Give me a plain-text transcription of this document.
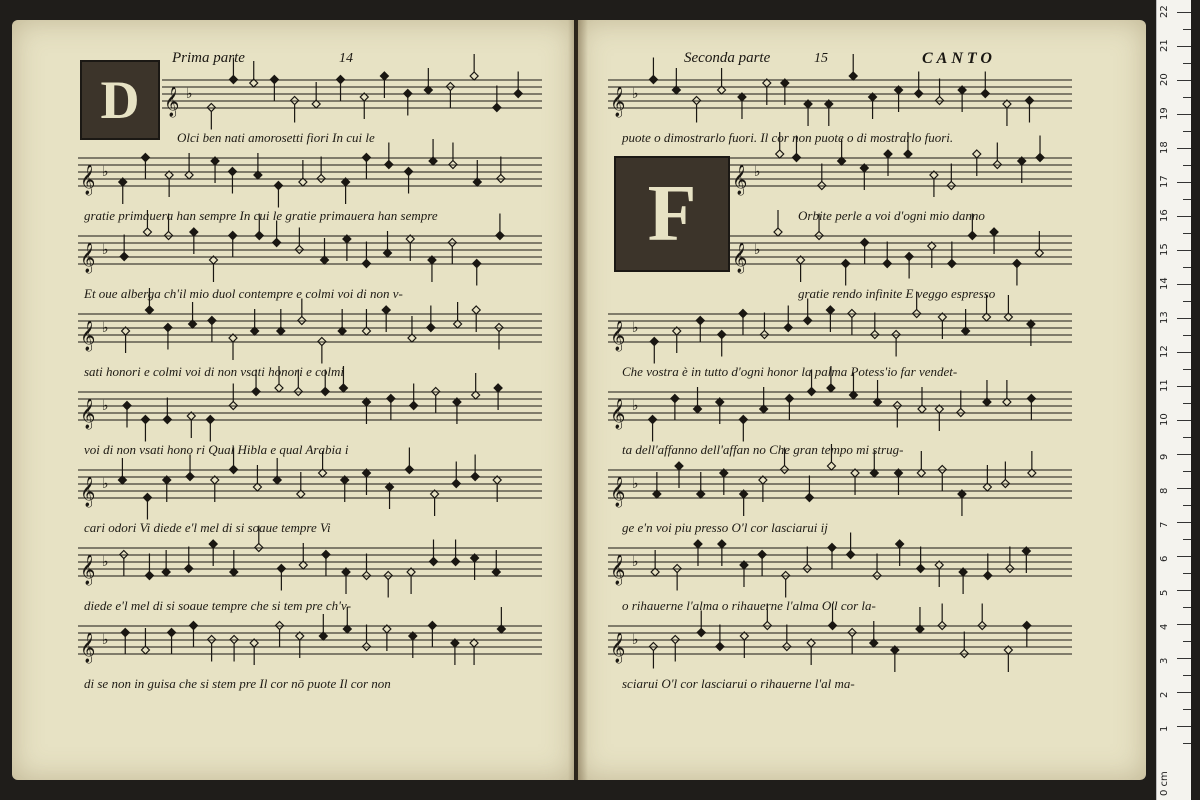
D
Prima parte	14
𝄞 ♭
Olci ben nati amorosetti fiori In cui le
𝄞 ♭
gratie primauera han sempre In cui le gratie primauera han sempre
𝄞 ♭
Et oue alberga ch'il mio duol contempre e colmi voi di non v-
𝄞 ♭
sati honori e colmi voi di non vsati honori e colmi
𝄞 ♭
voi di non vsati hono ri Qual Hibla e qual Arabia i
𝄞 ♭
cari odori Vi diede e'l mel di si soaue tempre Vi
𝄞 ♭
diede e'l mel di si soaue tempre che si tem pre ch'v-
𝄞 ♭
di se non in guisa che si stem pre Il cor nō puote Il cor non
Seconda parte	15	CANTO
F
𝄞 ♭
puote o dimostrarlo fuori. Il cor non puote o di mostrarlo fuori.
𝄞 ♭
Orbite perle a voi d'ogni mio danno
𝄞 ♭
gratie rendo infinite E veggo espresso
𝄞 ♭
Che vostra è in tutto d'ogni honor la palma Potess'io far vendet-
𝄞 ♭
ta dell'affanno dell'affan no Che gran tempo mi strug-
𝄞 ♭
ge e'n voi piu presso O'l cor lasciarui ij
𝄞 ♭
o rihauerne l'alma o rihauerne l'alma O'l cor la-
𝄞 ♭
sciarui O'l cor lasciarui o rihauerne l'al ma-
0 cm
1
2
3
4
5
6
7
8
9
10
11
12
13
14
15
16
17
18
19
20
21
22
